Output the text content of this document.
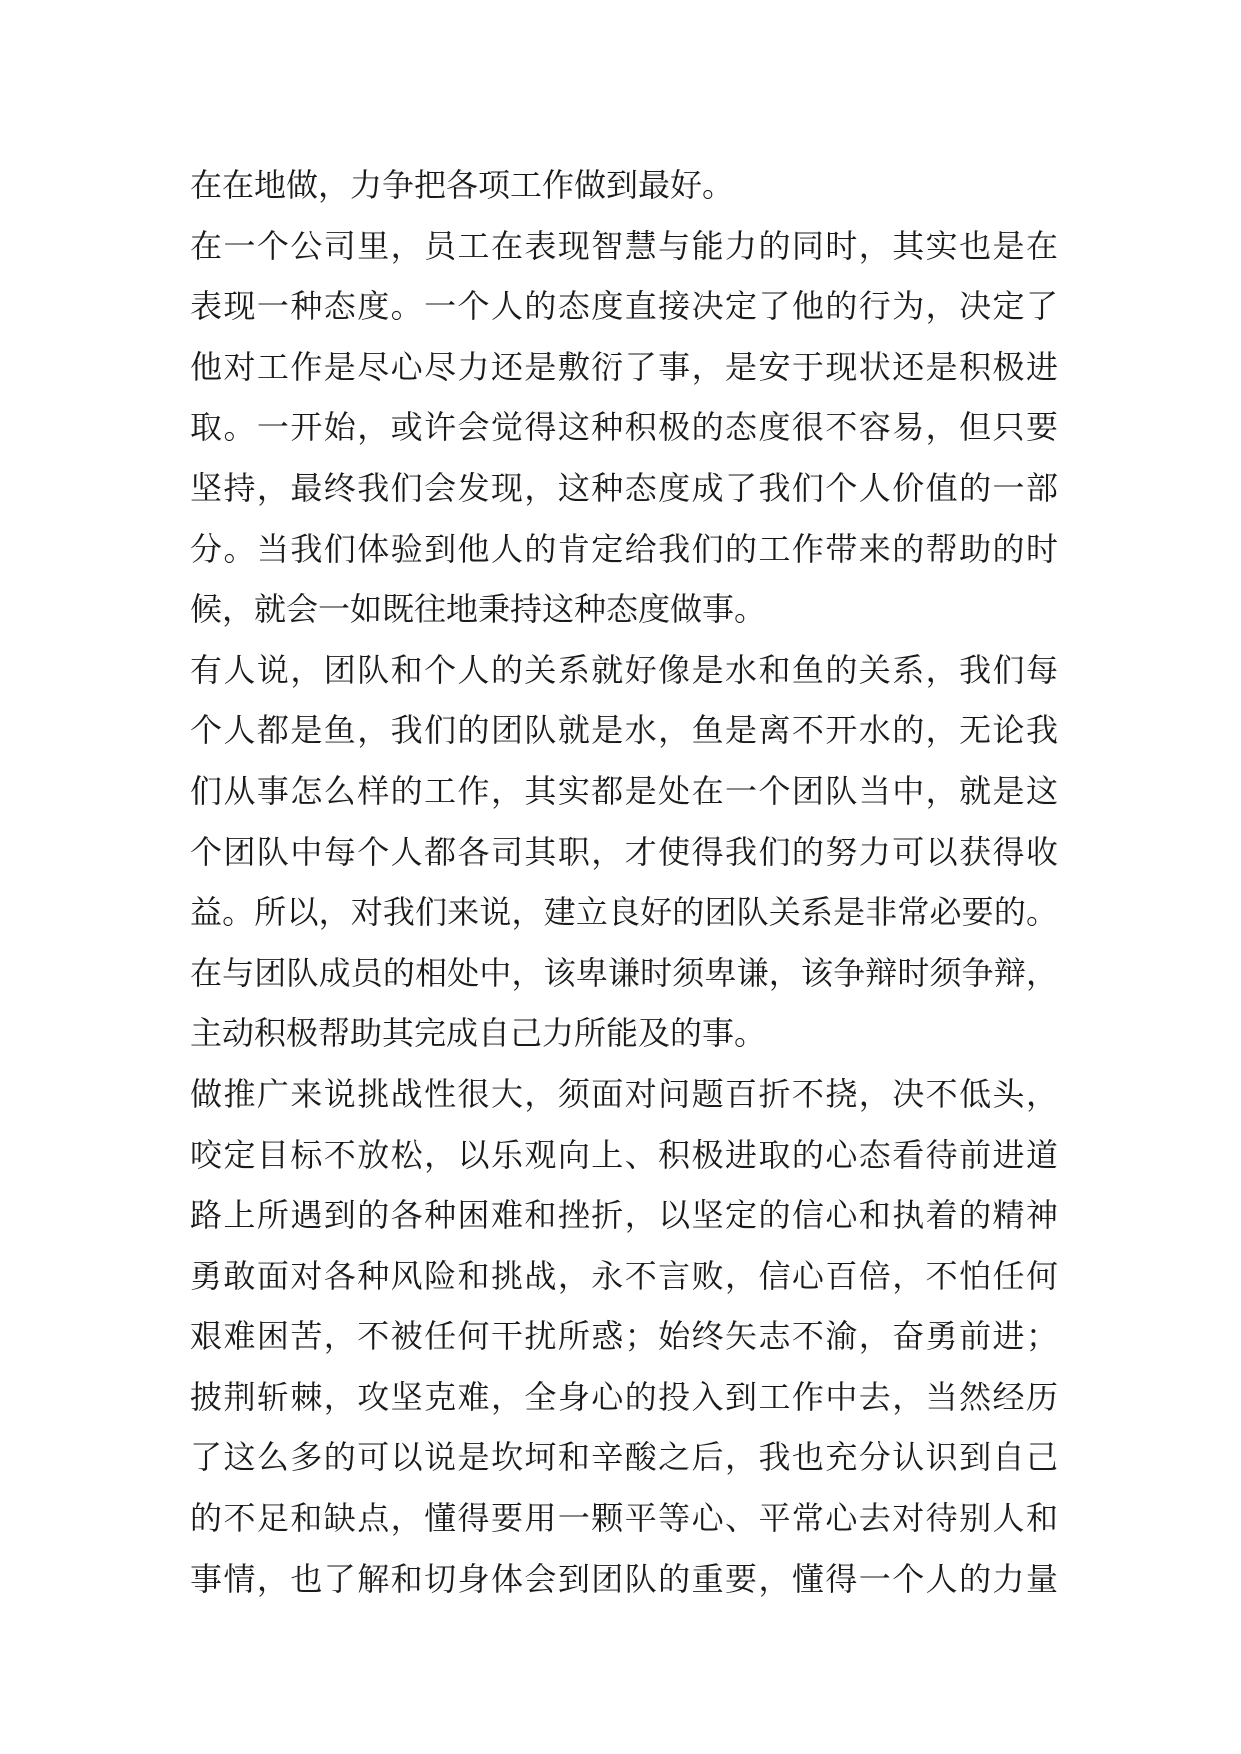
在在地做，力争把各项工作做到最好。
在一个公司里，员工在表现智慧与能力的同时，其实也是在
表现一种态度。一个人的态度直接决定了他的行为，决定了
他对工作是尽心尽力还是敷衍了事，是安于现状还是积极进
取。一开始，或许会觉得这种积极的态度很不容易，但只要
坚持，最终我们会发现，这种态度成了我们个人价值的一部
分。当我们体验到他人的肯定给我们的工作带来的帮助的时
候，就会一如既往地秉持这种态度做事。
有人说，团队和个人的关系就好像是水和鱼的关系，我们每
个人都是鱼，我们的团队就是水，鱼是离不开水的，无论我
们从事怎么样的工作，其实都是处在一个团队当中，就是这
个团队中每个人都各司其职，才使得我们的努力可以获得收
益。所以，对我们来说，建立良好的团队关系是非常必要的。
在与团队成员的相处中，该卑谦时须卑谦，该争辩时须争辩，
主动积极帮助其完成自己力所能及的事。
做推广来说挑战性很大，须面对问题百折不挠，决不低头，
咬定目标不放松，以乐观向上、积极进取的心态看待前进道
路上所遇到的各种困难和挫折，以坚定的信心和执着的精神
勇敢面对各种风险和挑战，永不言败，信心百倍，不怕任何
艰难困苦，不被任何干扰所惑；始终矢志不渝，奋勇前进；
披荆斩棘，攻坚克难，全身心的投入到工作中去，当然经历
了这么多的可以说是坎坷和辛酸之后，我也充分认识到自己
的不足和缺点，懂得要用一颗平等心、平常心去对待别人和
事情，也了解和切身体会到团队的重要，懂得一个人的力量
